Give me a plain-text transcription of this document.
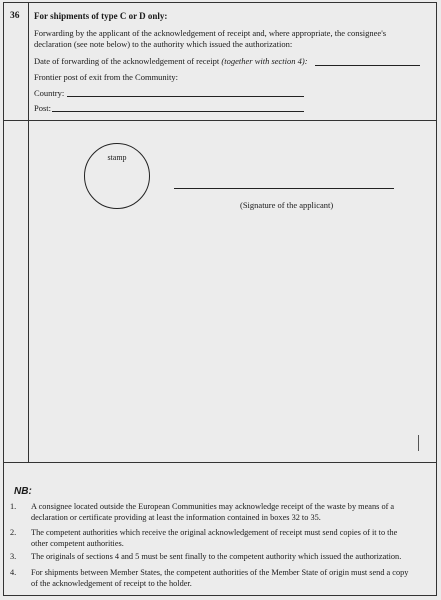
36 For shipments of type C or D only:
Forwarding by the applicant of the acknowledgement of receipt and, where appropriate, the consignee's
declaration (see note below) to the authority which issued the authorization:
Date of forwarding of the acknowledgement of receipt (together with section 4):
Frontier post of exit from the Community:
Country:
Post:
stamp
(Signature of the applicant)
NB:
1. A consignee located outside the European Communities may acknowledge receipt of the waste by means of a
declaration or certificate providing at least the information contained in boxes 32 to 35.
2. The competent authorities which receive the original acknowledgement of receipt must send copies of it to the
other competent authorities.
3. The originals of sections 4 and 5 must be sent finally to the competent authority which issued the authorization.
4. For shipments between Member States, the competent authorities of the Member State of origin must send a copy
of the acknowledgement of receipt to the holder.
